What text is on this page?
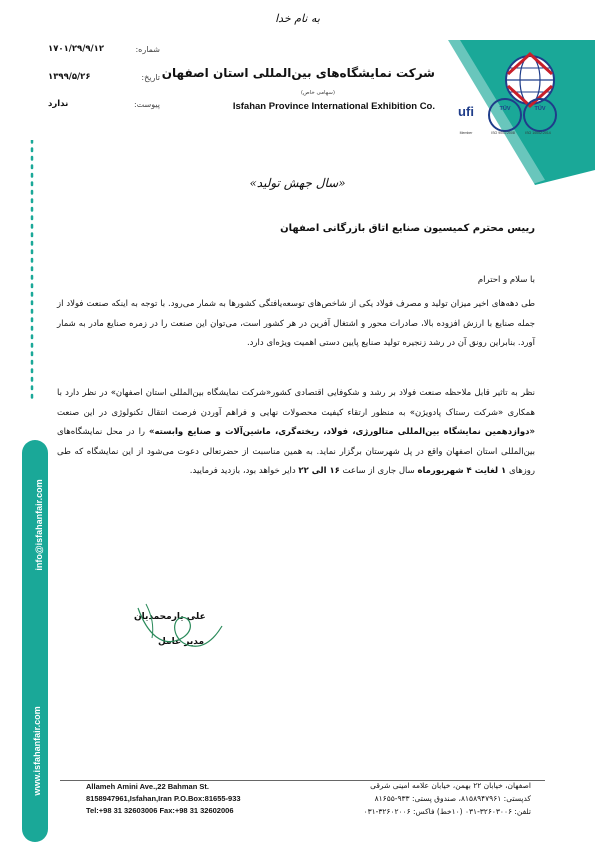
به نام خدا
شماره:
۱۷۰۱/۲۹/۹/۱۲
تاریخ:
۱۳۹۹/۵/۲۶
پیوست:
ندارد
شرکت نمایشگاه‌های بین‌المللی استان اصفهان
(سهامی خاص)
Isfahan Province International Exhibition Co.	TÜV
ISO 10002:2014
TÜV
ISO 9001:2008
ufi
Member
«سال جهش تولید»
رییس محترم کمیسیون صنایع اتاق بازرگانی اصفهان
با سلام و احترام
طی دهه‌های اخیر میزان تولید و مصرف فولاد یکی از شاخص‌های توسعه‌یافتگی کشورها به شمار می‌رود. با توجه به اینکه صنعت فولاد از جمله صنایع با ارزش افزوده بالا، صادرات محور و اشتغال آفرین در هر کشور است، می‌توان این صنعت را در زمره صنایع مادر به شمار آورد. بنابراین رونق آن در رشد زنجیره تولید صنایع پایین دستی اهمیت ویژه‌ای دارد.
نظر به تاثیر قابل ملاحظه صنعت فولاد بر رشد و شکوفایی اقتصادی کشور«شرکت نمایشگاه بین‌المللی استان اصفهان» در نظر دارد با همکاری «شرکت رستاک پادویژن» به منظور ارتقاء کیفیت محصولات نهایی و فراهم آوردن فرصت انتقال تکنولوژی در این صنعت «دوازدهمین نمایشگاه بین‌المللی متالورژی، فولاد، ریخته‌گری، ماشین‌آلات و صنایع وابسته» را در محل نمایشگاه‌های بین‌المللی استان اصفهان واقع در پل شهرستان برگزار نماید. به همین مناسبت از حضرتعالی دعوت می‌شود از این نمایشگاه که طی روزهای ۱ لغایت ۴ شهریورماه سال جاری از ساعت ۱۶ الی ۲۲ دایر خواهد بود، بازدید فرمایید.
علی یارمحمدیان
مدیر عامل
info@isfahanfair.com
www.isfahanfair.com	Allameh Amini Ave.,22 Bahman St.
8158947961,Isfahan,Iran P.O.Box:81655-933
Tel:+98 31 32603006 Fax:+98 31 32602006
اصفهان، خیابان ۲۲ بهمن، خیابان علامه امینی شرقی
کدپستی: ۸۱۵۸۹۴۷۹۶۱، صندوق پستی: ۹۳۳-۸۱۶۵۵
تلفن: ۳۲۶۰۳۰۰۶-۰۳۱ (۱۰خط) فاکس: ۳۲۶۰۲۰۰۶-۰۳۱
